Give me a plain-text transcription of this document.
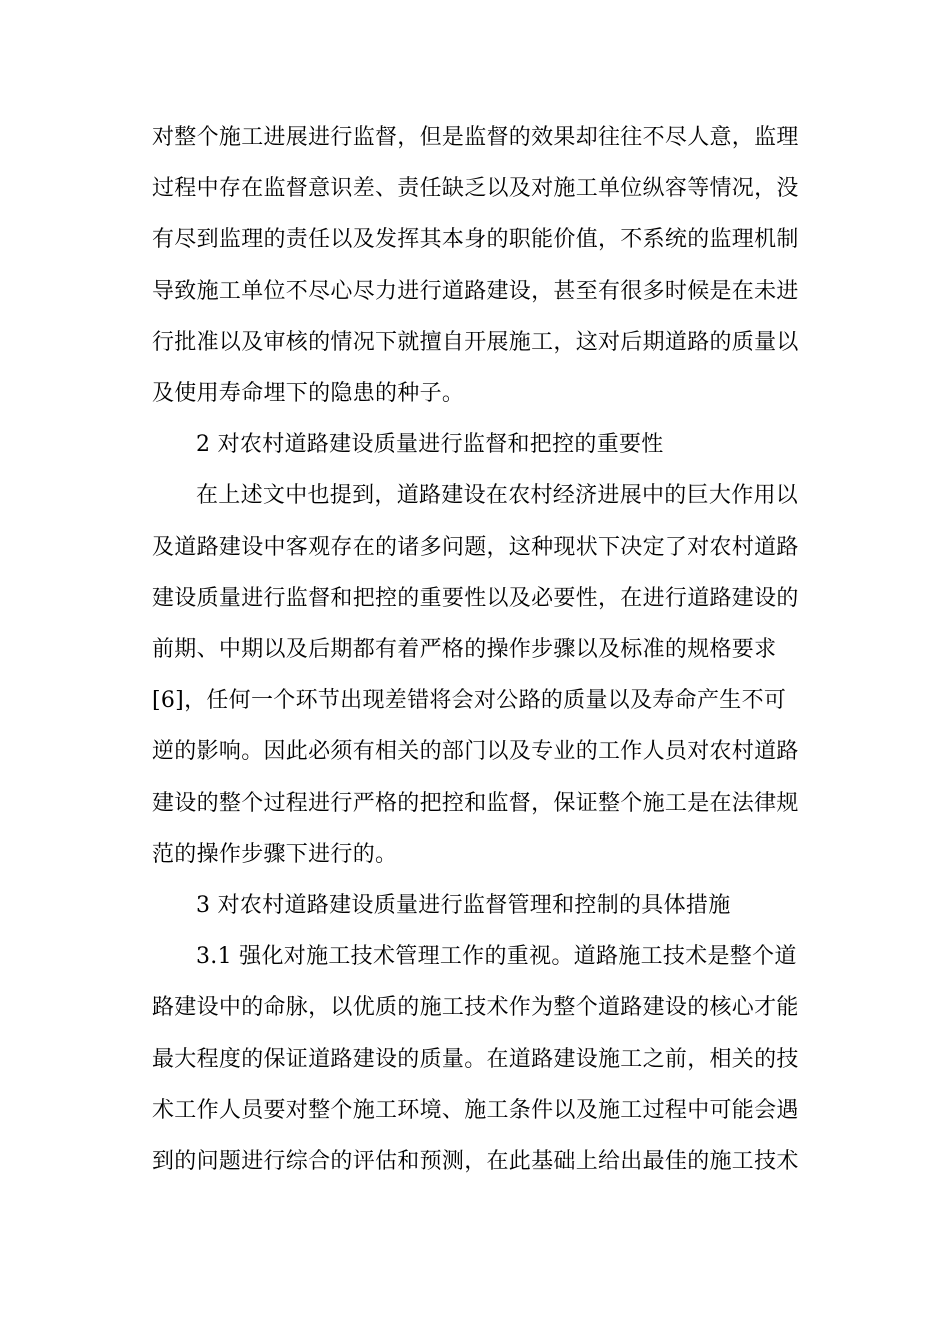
对整个施工进展进行监督，但是监督的效果却往往不尽人意，监理
过程中存在监督意识差、责任缺乏以及对施工单位纵容等情况，没
有尽到监理的责任以及发挥其本身的职能价值，不系统的监理机制
导致施工单位不尽心尽力进行道路建设，甚至有很多时候是在未进
行批准以及审核的情况下就擅自开展施工，这对后期道路的质量以
及使用寿命埋下的隐患的种子。
2 对农村道路建设质量进行监督和把控的重要性
在上述文中也提到，道路建设在农村经济进展中的巨大作用以
及道路建设中客观存在的诸多问题，这种现状下决定了对农村道路
建设质量进行监督和把控的重要性以及必要性，在进行道路建设的
前期、中期以及后期都有着严格的操作步骤以及标准的规格要求
[6]，任何一个环节出现差错将会对公路的质量以及寿命产生不可
逆的影响。因此必须有相关的部门以及专业的工作人员对农村道路
建设的整个过程进行严格的把控和监督，保证整个施工是在法律规
范的操作步骤下进行的。
3 对农村道路建设质量进行监督管理和控制的具体措施
3.1 强化对施工技术管理工作的重视。道路施工技术是整个道
路建设中的命脉，以优质的施工技术作为整个道路建设的核心才能
最大程度的保证道路建设的质量。在道路建设施工之前，相关的技
术工作人员要对整个施工环境、施工条件以及施工过程中可能会遇
到的问题进行综合的评估和预测，在此基础上给出最佳的施工技术
